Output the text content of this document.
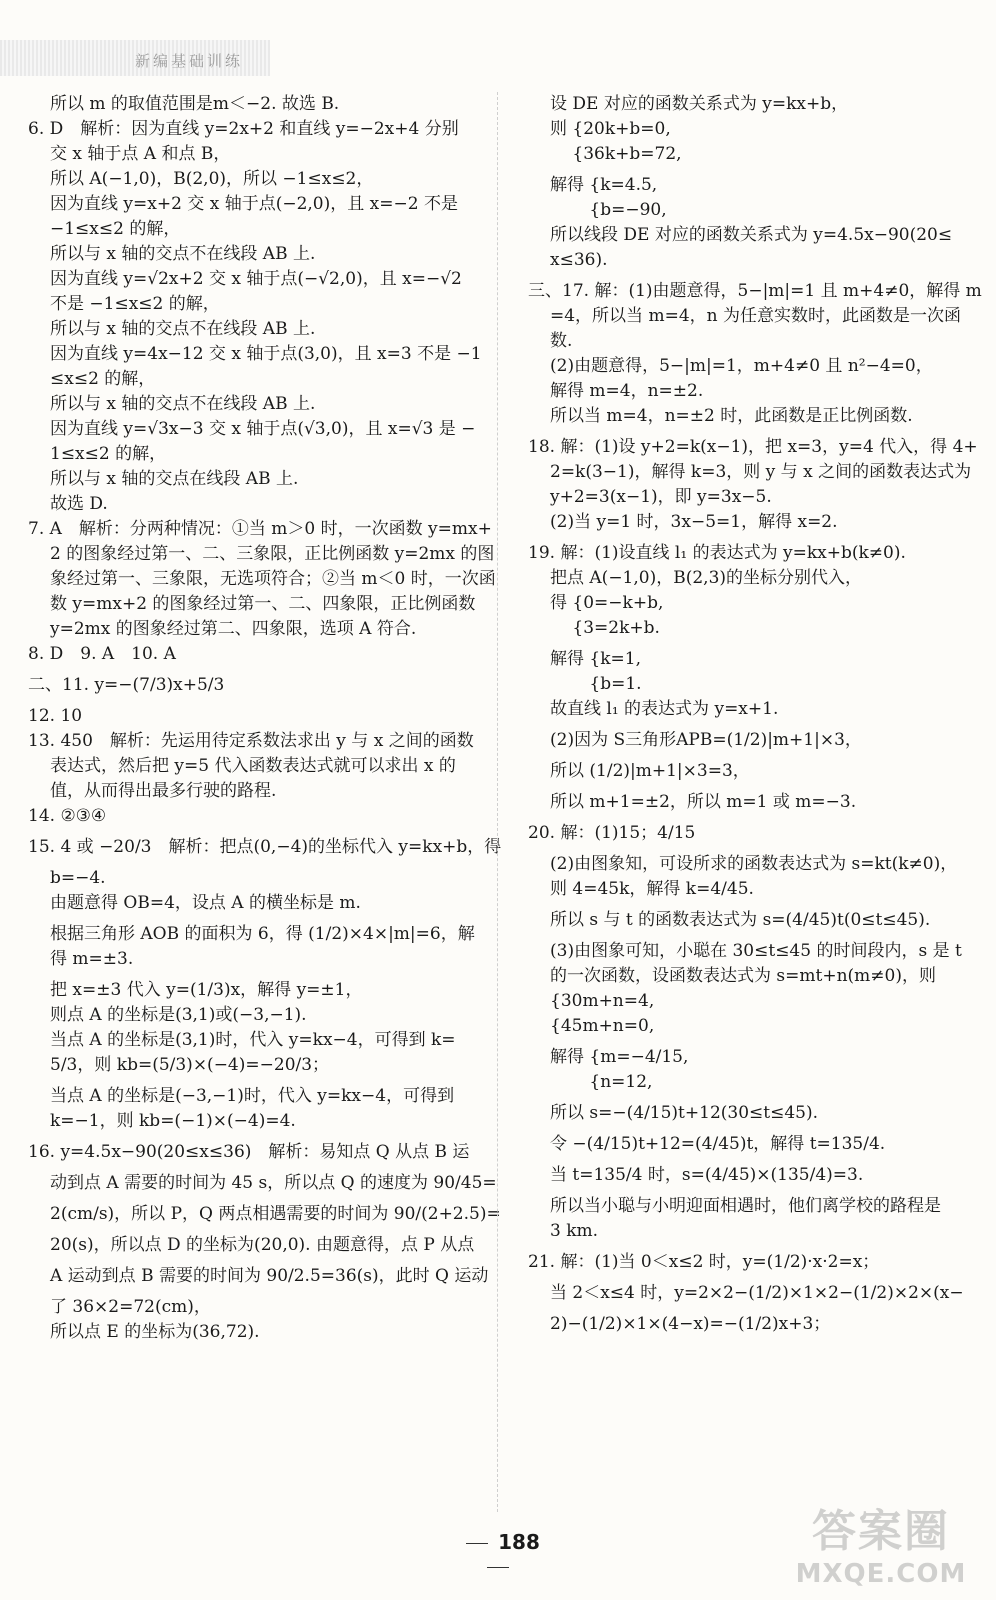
新编基础训练
所以 m 的取值范围是m＜−2. 故选 B.
6. D　解析：因为直线 y=2x+2 和直线 y=−2x+4 分别
交 x 轴于点 A 和点 B，
所以 A(−1,0)，B(2,0)，所以 −1≤x≤2，
因为直线 y=x+2 交 x 轴于点(−2,0)，且 x=−2 不是
−1≤x≤2 的解，
所以与 x 轴的交点不在线段 AB 上.
因为直线 y=√2x+2 交 x 轴于点(−√2,0)，且 x=−√2
不是 −1≤x≤2 的解，
所以与 x 轴的交点不在线段 AB 上.
因为直线 y=4x−12 交 x 轴于点(3,0)，且 x=3 不是 −1
≤x≤2 的解，
所以与 x 轴的交点不在线段 AB 上.
因为直线 y=√3x−3 交 x 轴于点(√3,0)，且 x=√3 是 −
1≤x≤2 的解，
所以与 x 轴的交点在线段 AB 上.
故选 D.
7. A　解析：分两种情况：①当 m＞0 时，一次函数 y=mx+
2 的图象经过第一、二、三象限，正比例函数 y=2mx 的图
象经过第一、三象限，无选项符合；②当 m＜0 时，一次函
数 y=mx+2 的图象经过第一、二、四象限，正比例函数
y=2mx 的图象经过第二、四象限，选项 A 符合.
8. D　9. A　10. A
二、11. y=−(7/3)x+5/3
12. 10
13. 450　解析：先运用待定系数法求出 y 与 x 之间的函数
表达式，然后把 y=5 代入函数表达式就可以求出 x 的
值，从而得出最多行驶的路程.
14. ②③④
15. 4 或 −20/3　解析：把点(0,−4)的坐标代入 y=kx+b，得
b=−4.
由题意得 OB=4，设点 A 的横坐标是 m.
根据三角形 AOB 的面积为 6，得 (1/2)×4×|m|=6，解
得 m=±3.
把 x=±3 代入 y=(1/3)x，解得 y=±1，
则点 A 的坐标是(3,1)或(−3,−1).
当点 A 的坐标是(3,1)时，代入 y=kx−4，可得到 k=
5/3，则 kb=(5/3)×(−4)=−20/3；
当点 A 的坐标是(−3,−1)时，代入 y=kx−4，可得到
k=−1，则 kb=(−1)×(−4)=4.
16. y=4.5x−90(20≤x≤36)　解析：易知点 Q 从点 B 运
动到点 A 需要的时间为 45 s，所以点 Q 的速度为 90/45=
2(cm/s)，所以 P，Q 两点相遇需要的时间为 90/(2+2.5)=
20(s)，所以点 D 的坐标为(20,0). 由题意得，点 P 从点
A 运动到点 B 需要的时间为 90/2.5=36(s)，此时 Q 运动
了 36×2=72(cm)，
所以点 E 的坐标为(36,72).
设 DE 对应的函数关系式为 y=kx+b，
则 {20k+b=0,
　 {36k+b=72,
解得 {k=4.5,
　　 {b=−90,
所以线段 DE 对应的函数关系式为 y=4.5x−90(20≤
x≤36).
三、17. 解：(1)由题意得，5−|m|=1 且 m+4≠0，解得 m
=4，所以当 m=4，n 为任意实数时，此函数是一次函
数.
(2)由题意得，5−|m|=1，m+4≠0 且 n²−4=0，
解得 m=4，n=±2.
所以当 m=4，n=±2 时，此函数是正比例函数.
18. 解：(1)设 y+2=k(x−1)，把 x=3，y=4 代入，得 4+
2=k(3−1)，解得 k=3，则 y 与 x 之间的函数表达式为
y+2=3(x−1)，即 y=3x−5.
(2)当 y=1 时，3x−5=1，解得 x=2.
19. 解：(1)设直线 l₁ 的表达式为 y=kx+b(k≠0).
把点 A(−1,0)，B(2,3)的坐标分别代入，
得 {0=−k+b,
　 {3=2k+b.
解得 {k=1,
　　 {b=1.
故直线 l₁ 的表达式为 y=x+1.
(2)因为 S三角形APB=(1/2)|m+1|×3，
所以 (1/2)|m+1|×3=3，
所以 m+1=±2，所以 m=1 或 m=−3.
20. 解：(1)15；4/15
(2)由图象知，可设所求的函数表达式为 s=kt(k≠0)，
则 4=45k，解得 k=4/45.
所以 s 与 t 的函数表达式为 s=(4/45)t(0≤t≤45).
(3)由图象可知，小聪在 30≤t≤45 的时间段内，s 是 t
的一次函数，设函数表达式为 s=mt+n(m≠0)，则
{30m+n=4,
{45m+n=0,
解得 {m=−4/15,
　　 {n=12,
所以 s=−(4/15)t+12(30≤t≤45).
令 −(4/15)t+12=(4/45)t，解得 t=135/4.
当 t=135/4 时，s=(4/45)×(135/4)=3.
所以当小聪与小明迎面相遇时，他们离学校的路程是
3 km.
21. 解：(1)当 0＜x≤2 时，y=(1/2)·x·2=x；
当 2＜x≤4 时，y=2×2−(1/2)×1×2−(1/2)×2×(x−
2)−(1/2)×1×(4−x)=−(1/2)x+3；
188	答案圈
MXQE.COM
